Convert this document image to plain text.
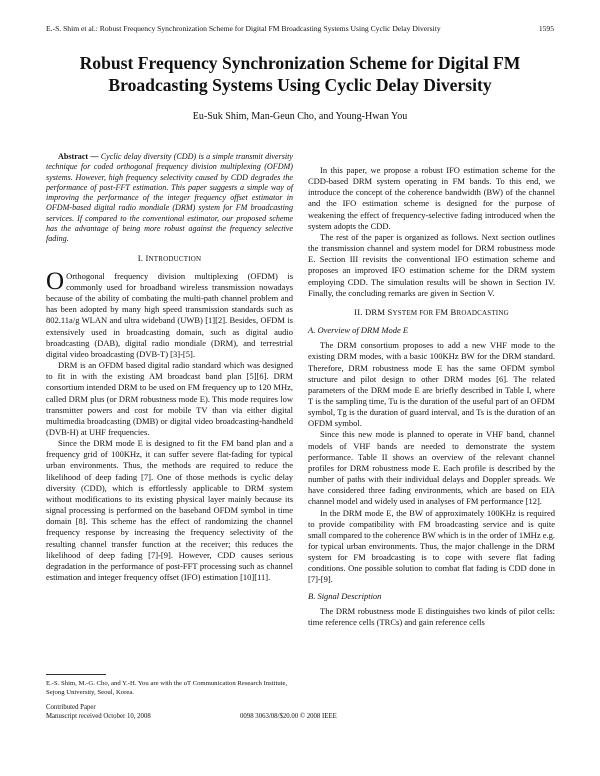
E.-S. Shim et al.: Robust Frequency Synchronization Scheme for Digital FM Broadcasting Systems Using Cyclic Delay Diversity	1595
Robust Frequency Synchronization Scheme for Digital FM
Broadcasting Systems Using Cyclic Delay Diversity
Eu-Suk Shim, Man-Geun Cho, and Young-Hwan You

Abstract — Cyclic delay diversity (CDD) is a simple transmit diversity technique for coded orthogonal frequency division multiplexing (OFDM) systems. However, high frequency selectivity caused by CDD degrades the performance of post-FFT estimation. This paper suggests a simple way of improving the performance of the integer frequency offset estimator in OFDM-based digital radio mondiale (DRM) system for FM broadcasting services. If compared to the conventional estimator, our proposed scheme has the advantage of being more robust against the frequency selective fading.

I. INTRODUCTION

O Orthogonal frequency division multiplexing (OFDM) is commonly used for broadband wireless transmission nowadays because of the ability of combating the multi-path channel problem and has been adopted by many high speed transmission standards such as 802.11a/g WLAN and ultra wideband (UWB) [1][2]. Besides, OFDM is extensively used in broadcasting domain, such as digital audio broadcasting (DAB), digital radio mondiale (DRM), and terrestrial digital video broadcasting (DVB-T) [3]-[5].

DRM is an OFDM based digital radio standard which was designed to fit in with the existing AM broadcast band plan [5][6]. DRM consortium intended DRM to be used on FM frequency up to 120 MHz, called DRM plus (or DRM robustness mode E). This mode requires low transmitter powers and cost for mobile TV than via either digital multimedia broadcasting (DMB) or digital video broadcasting-handheld (DVB-H) at UHF frequencies.

Since the DRM mode E is designed to fit the FM band plan and a frequency grid of 100KHz, it can suffer severe flat-fading for typical urban environments. Thus, the methods are required to reduce the likelihood of deep fading [7]. One of those methods is cyclic delay diversity (CDD), which is effortlessly applicable to DRM system without modifications to its existing physical layer mainly because its signal processing is performed on the baseband OFDM symbol in time domain [8]. This scheme has the effect of randomizing the channel frequency response by increasing the frequency selectivity of the resulting channel transfer function at the receiver; this reduces the likelihood of deep fading [7]-[9]. However, CDD causes serious degradation in the performance of post-FFT processing such as channel estimation and integer frequency offset (IFO) estimation [10][11].

In this paper, we propose a robust IFO estimation scheme for the CDD-based DRM system operating in FM bands. To this end, we introduce the concept of the coherence bandwidth (BW) of the channel and the IFO estimation scheme is designed for the purpose of weakening the effect of frequency-selective fading introduced when the system adopts the CDD.

The rest of the paper is organized as follows. Next section outlines the transmission channel and system model for DRM robustness mode E. Section III revisits the conventional IFO estimation scheme and proposes an improved IFO estimation scheme for the DRM system employing CDD. The simulation results will be shown in Section IV. Finally, the concluding remarks are given in Section V.

II. DRM SYSTEM FOR FM BROADCASTING
A. Overview of DRM Mode E

The DRM consortium proposes to add a new VHF mode to the existing DRM modes, with a basic 100KHz BW for the DRM standard. Therefore, DRM robustness mode E has the same OFDM symbol structure and pilot design to other DRM modes [6]. The related parameters of the DRM mode E are briefly described in Table I, where T is the sampling time, Tu is the duration of the useful part of an OFDM symbol, Tg is the duration of guard interval, and Ts is the duration of an OFDM symbol.

Since this new mode is planned to operate in VHF band, channel models of VHF bands are needed to demonstrate the system performance. Table II shows an overview of the relevant channel profiles for DRM robustness mode E. Each profile is described by the number of paths with their individual delays and Doppler spreads. We have considered three fading environments, which are based on EIA channel model and widely used in analyses of FM performance [12].

In the DRM mode E, the BW of approximately 100KHz is required to provide compatibility with FM broadcasting service and is quite small compared to the coherence BW which is in the order of 1MHz e.g. for typical urban environments. Thus, the major challenge in the DRM system for FM broadcasting is to cope with severe flat fading conditions. One possible solution to combat flat fading is CDD done in [7]-[9].

B. Signal Description

The DRM robustness mode E distinguishes two kinds of pilot cells: time reference cells (TRCs) and gain reference cells

E.-S. Shim, M.-G. Cho, and Y.-H. You are with the uT Communication Research Institute, Sejong University, Seoul, Korea.
Contributed Paper
Manuscript received October 10, 2008	0098 3063/08/$20.00 © 2008 IEEE
